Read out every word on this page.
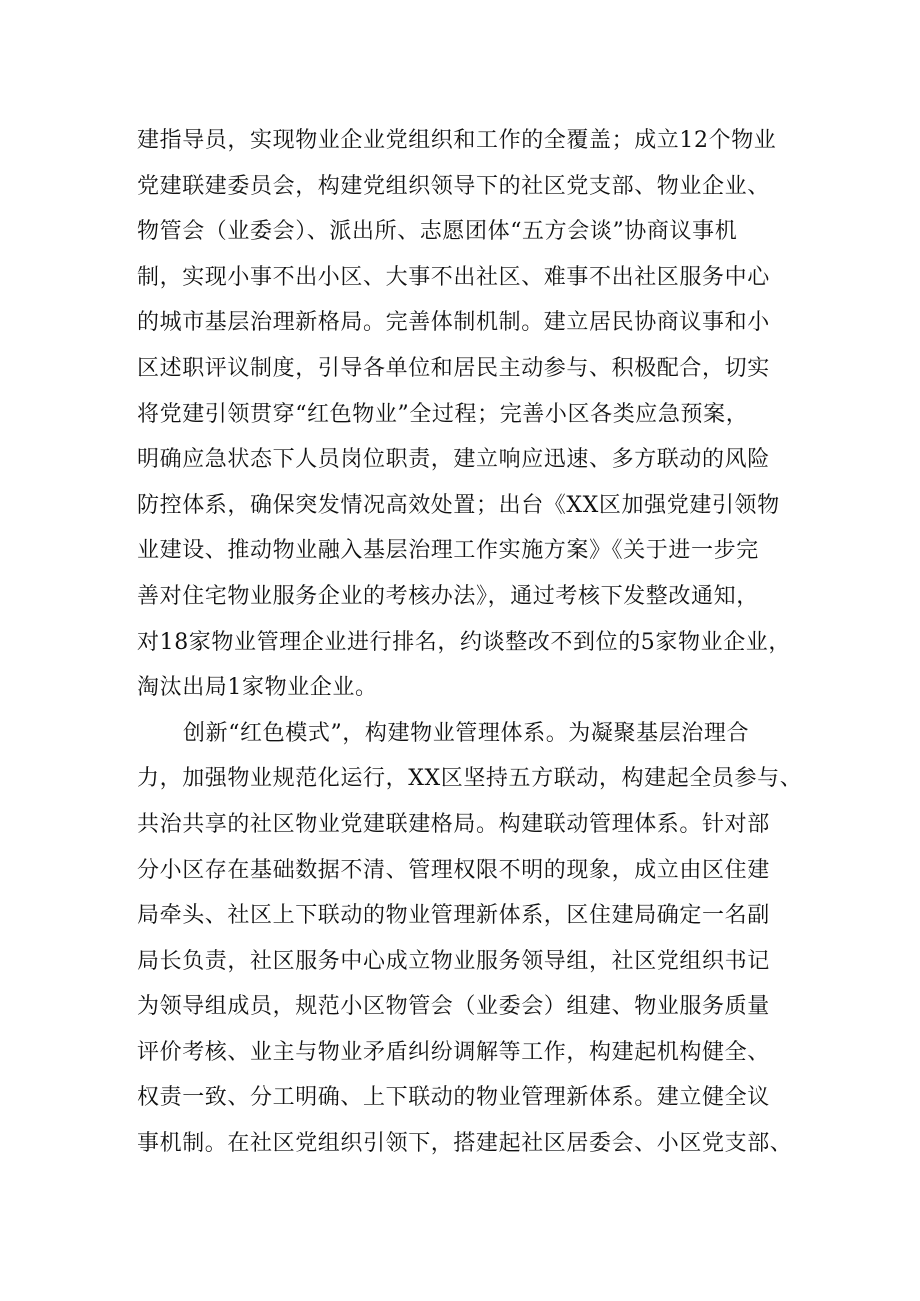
建指导员，实现物业企业党组织和工作的全覆盖；成立12个物业
党建联建委员会，构建党组织领导下的社区党支部、物业企业、
物管会（业委会）、派出所、志愿团体“五方会谈”协商议事机
制，实现小事不出小区、大事不出社区、难事不出社区服务中心
的城市基层治理新格局。完善体制机制。建立居民协商议事和小
区述职评议制度，引导各单位和居民主动参与、积极配合，切实
将党建引领贯穿“红色物业”全过程；完善小区各类应急预案，
明确应急状态下人员岗位职责，建立响应迅速、多方联动的风险
防控体系，确保突发情况高效处置；出台《XX区加强党建引领物
业建设、推动物业融入基层治理工作实施方案》《关于进一步完
善对住宅物业服务企业的考核办法》，通过考核下发整改通知，
对18家物业管理企业进行排名，约谈整改不到位的5家物业企业，
淘汰出局1家物业企业。
创新“红色模式”，构建物业管理体系。为凝聚基层治理合
力，加强物业规范化运行，XX区坚持五方联动，构建起全员参与、
共治共享的社区物业党建联建格局。构建联动管理体系。针对部
分小区存在基础数据不清、管理权限不明的现象，成立由区住建
局牵头、社区上下联动的物业管理新体系，区住建局确定一名副
局长负责，社区服务中心成立物业服务领导组，社区党组织书记
为领导组成员，规范小区物管会（业委会）组建、物业服务质量
评价考核、业主与物业矛盾纠纷调解等工作，构建起机构健全、
权责一致、分工明确、上下联动的物业管理新体系。建立健全议
事机制。在社区党组织引领下，搭建起社区居委会、小区党支部、
